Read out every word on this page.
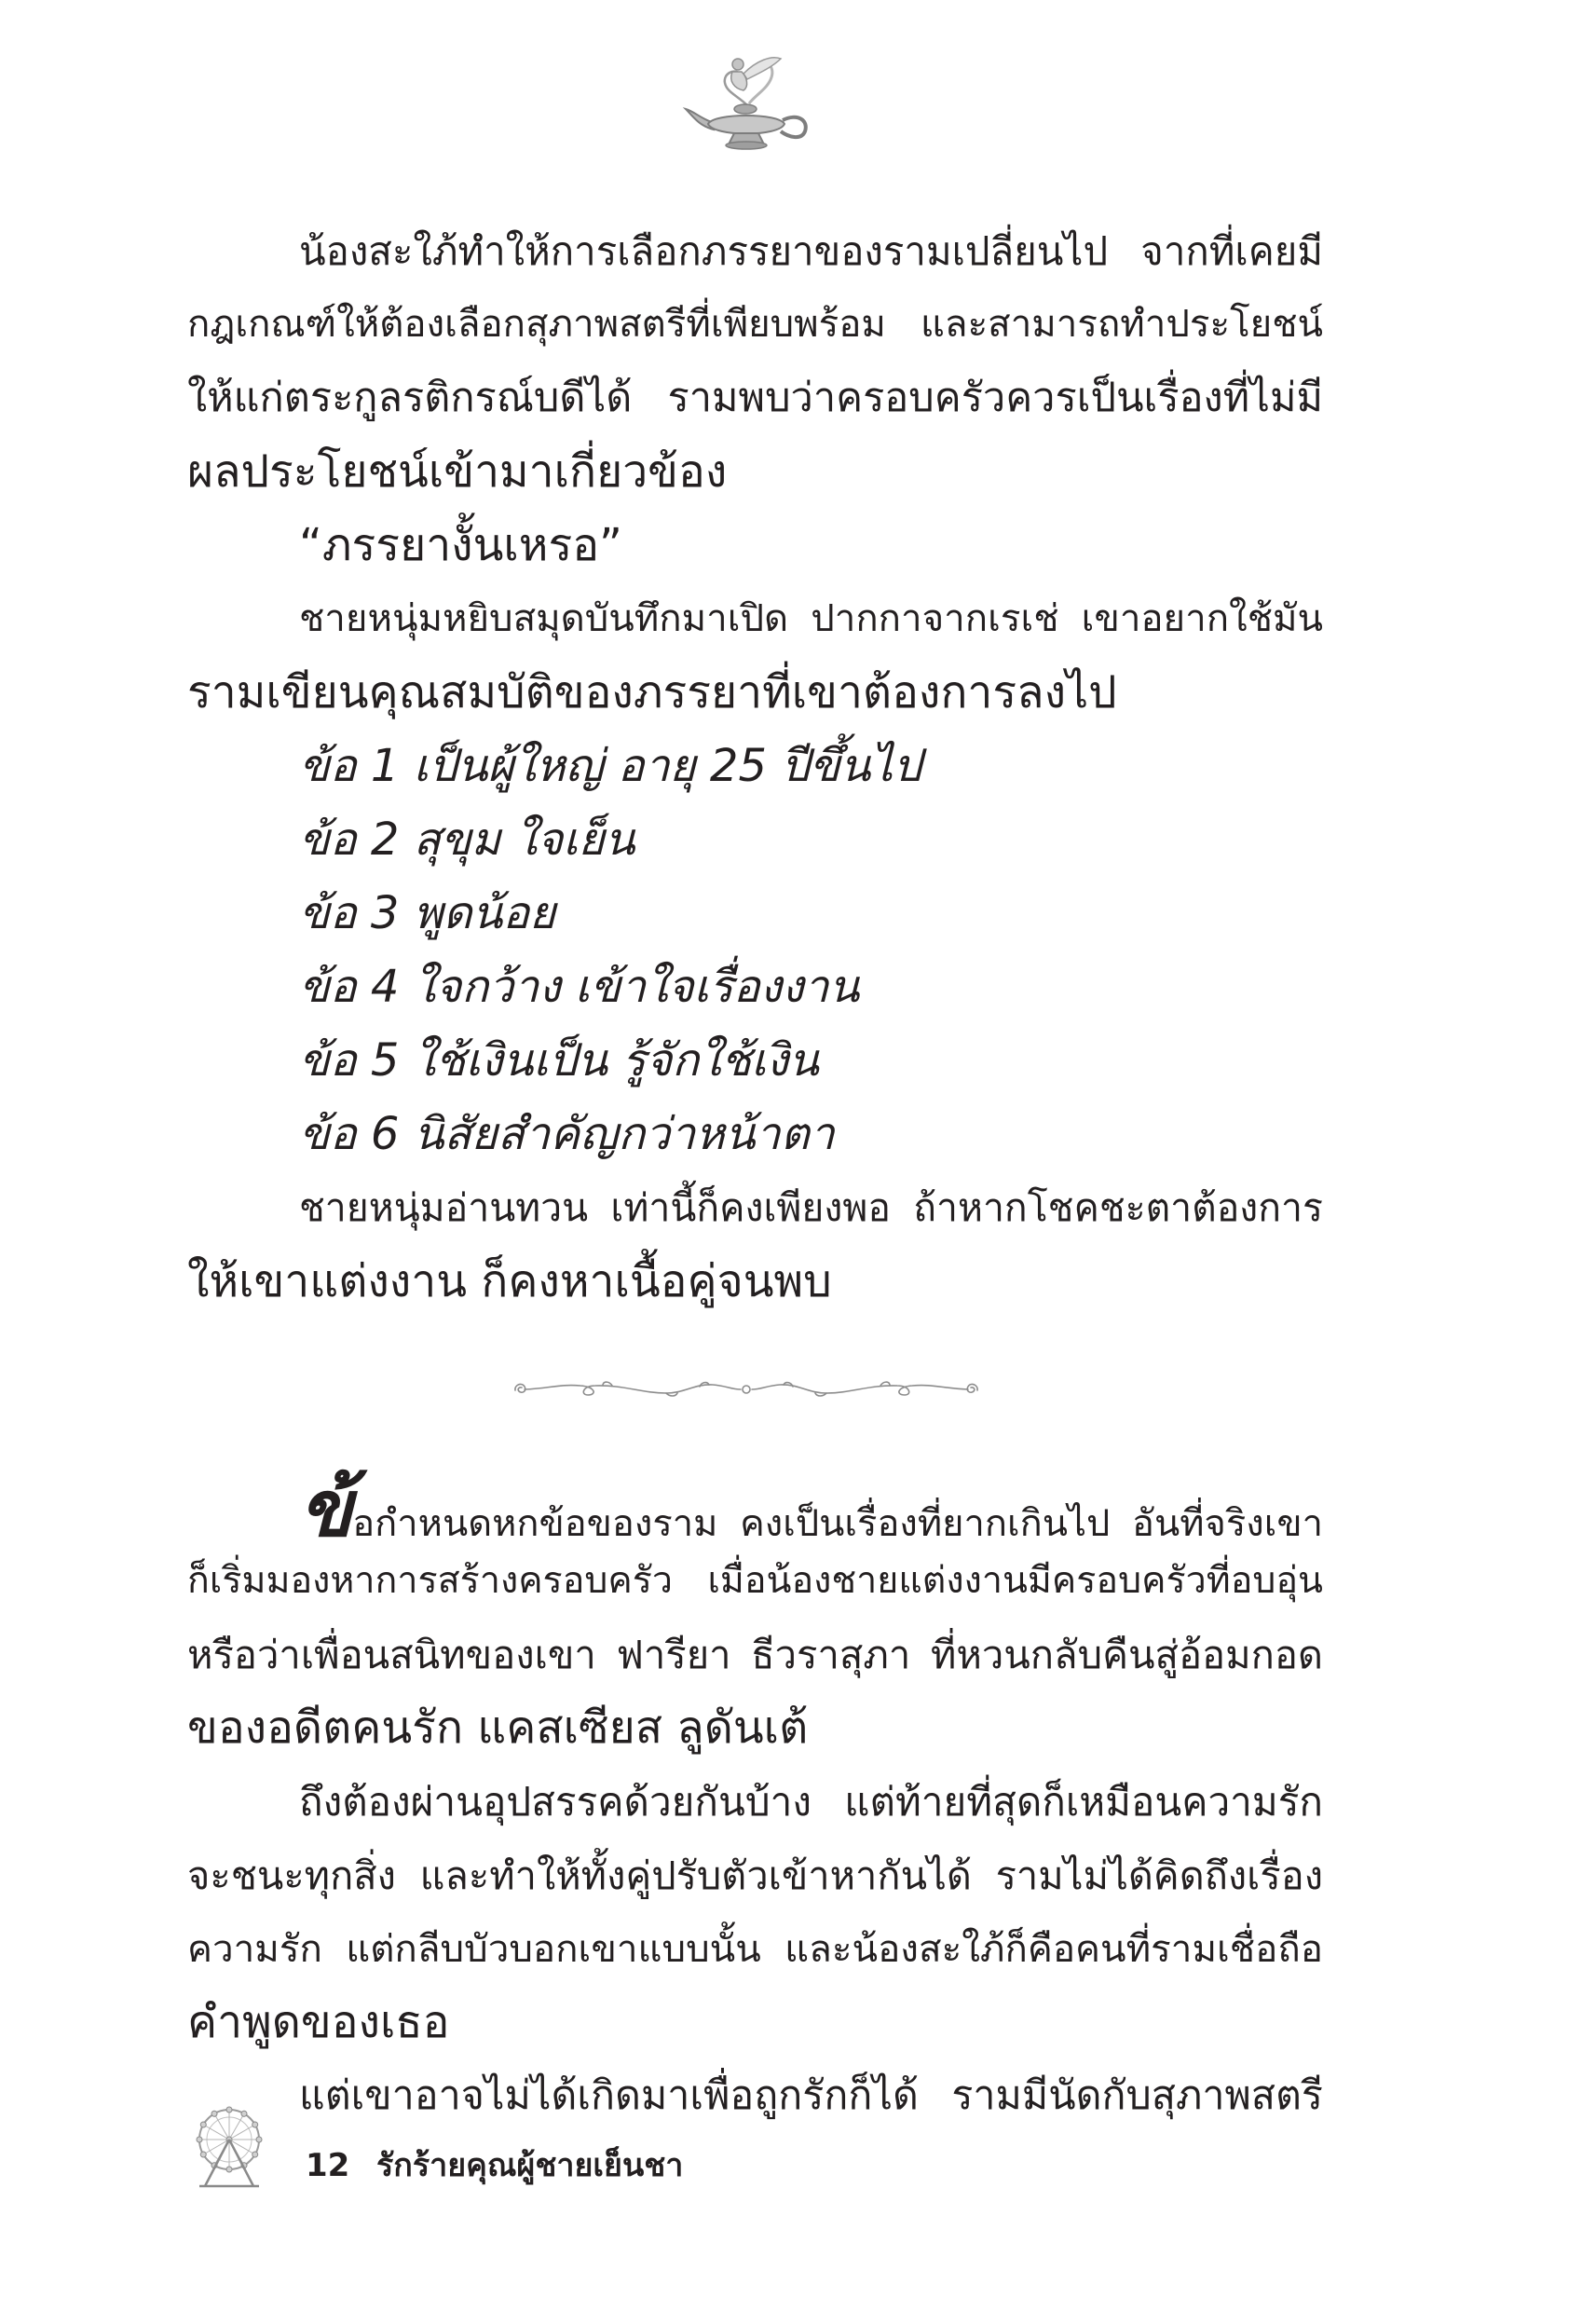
น้องสะใภ้ทำให้การเลือกภรรยาของรามเปลี่ยนไป จากที่เคยมี
กฎเกณฑ์ให้ต้องเลือกสุภาพสตรีที่เพียบพร้อม และสามารถทำประโยชน์
ให้แก่ตระกูลรติกรณ์บดีได้ รามพบว่าครอบครัวควรเป็นเรื่องที่ไม่มี
ผลประโยชน์เข้ามาเกี่ยวข้อง
“ภรรยางั้นเหรอ”
ชายหนุ่มหยิบสมุดบันทึกมาเปิด ปากกาจากเรเช่ เขาอยากใช้มัน
รามเขียนคุณสมบัติของภรรยาที่เขาต้องการลงไป
ข้อ 1 เป็นผู้ใหญ่ อายุ 25 ปีขึ้นไป
ข้อ 2 สุขุม ใจเย็น
ข้อ 3 พูดน้อย
ข้อ 4 ใจกว้าง เข้าใจเรื่องงาน
ข้อ 5 ใช้เงินเป็น รู้จักใช้เงิน
ข้อ 6 นิสัยสำคัญกว่าหน้าตา
ชายหนุ่มอ่านทวน เท่านี้ก็คงเพียงพอ ถ้าหากโชคชะตาต้องการ
ให้เขาแต่งงาน ก็คงหาเนื้อคู่จนพบ
ข้อกำหนดหกข้อของราม คงเป็นเรื่องที่ยากเกินไป อันที่จริงเขา
ก็เริ่มมองหาการสร้างครอบครัว เมื่อน้องชายแต่งงานมีครอบครัวที่อบอุ่น
หรือว่าเพื่อนสนิทของเขา ฟารียา ธีวราสุภา ที่หวนกลับคืนสู่อ้อมกอด
ของอดีตคนรัก แคสเซียส ลูดันเต้
ถึงต้องผ่านอุปสรรคด้วยกันบ้าง แต่ท้ายที่สุดก็เหมือนความรัก
จะชนะทุกสิ่ง และทำให้ทั้งคู่ปรับตัวเข้าหากันได้ รามไม่ได้คิดถึงเรื่อง
ความรัก แต่กลีบบัวบอกเขาแบบนั้น และน้องสะใภ้ก็คือคนที่รามเชื่อถือ
คำพูดของเธอ
แต่เขาอาจไม่ได้เกิดมาเพื่อถูกรักก็ได้ รามมีนัดกับสุภาพสตรี
12 รักร้ายคุณผู้ชายเย็นชา
